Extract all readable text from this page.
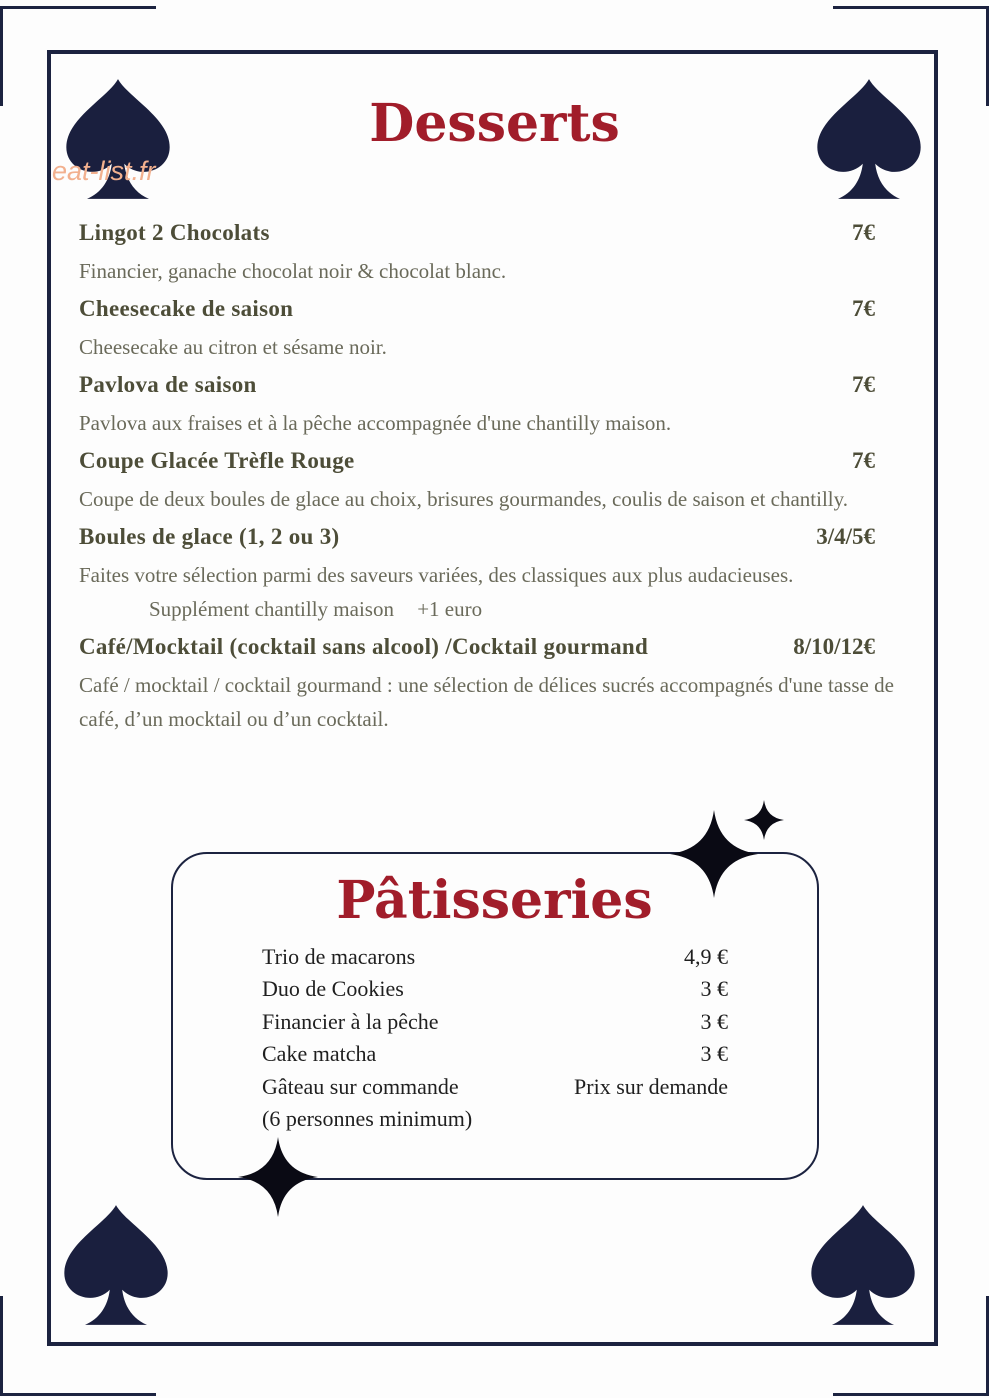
eat-list.fr
Desserts
Lingot 2 Chocolats	7€
Financier, ganache chocolat noir & chocolat blanc.
Cheesecake de saison	7€
Cheesecake au citron et sésame noir.
Pavlova de saison	7€
Pavlova aux fraises et à la pêche accompagnée d'une chantilly maison.
Coupe Glacée Trèfle Rouge	7€
Coupe de deux boules de glace au choix, brisures gourmandes, coulis de saison et chantilly.
Boules de glace (1, 2 ou 3)	3/4/5€
Faites votre sélection parmi des saveurs variées, des classiques aux plus audacieuses. Supplément chantilly maison +1 euro
Café/Mocktail (cocktail sans alcool) /Cocktail gourmand	8/10/12€
Café / mocktail / cocktail gourmand : une sélection de délices sucrés accompagnés d'une tasse de café, d’un mocktail ou d’un cocktail.
Pâtisseries
Trio de macarons	4,9 €
Duo de Cookies	3 €
Financier à la pêche	3 €
Cake matcha	3 €
Gâteau sur commande	Prix sur demande
(6 personnes minimum)
